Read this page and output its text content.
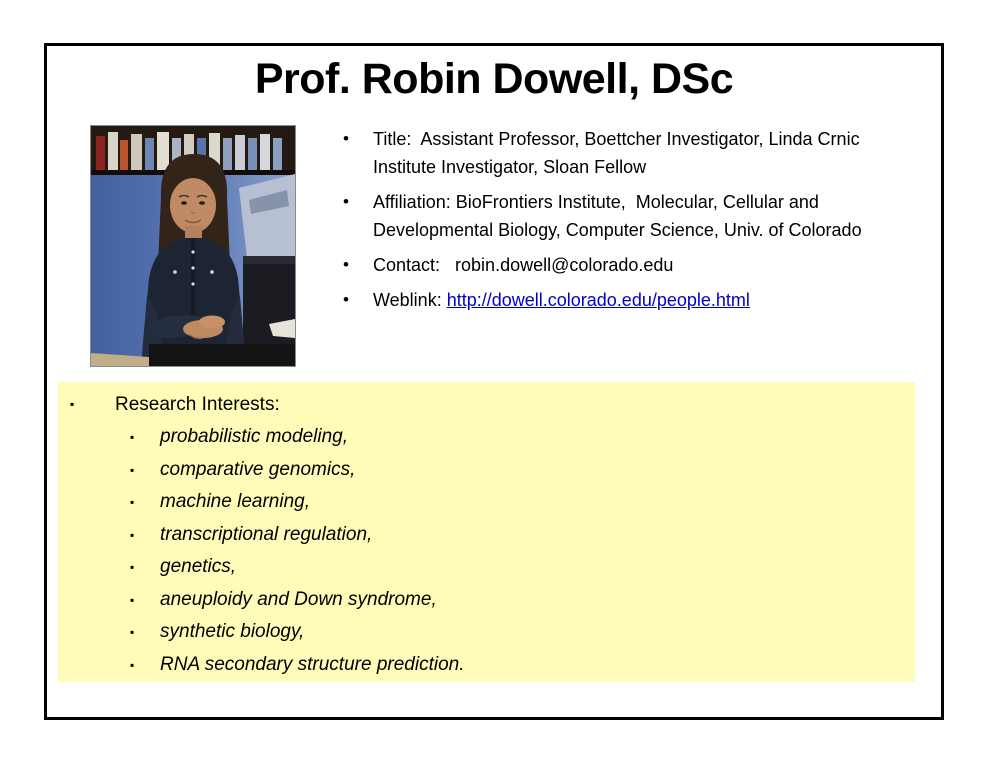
Prof. Robin Dowell, DSc
•	Title:  Assistant Professor, Boettcher Investigator, Linda Crnic Institute Investigator, Sloan Fellow
•	Affiliation: BioFrontiers Institute,  Molecular, Cellular and Developmental Biology, Computer Science, Univ. of Colorado
•	Contact:   robin.dowell@colorado.edu
•	Weblink: http://dowell.colorado.edu/people.html
▪	Research Interests:
▪	probabilistic modeling,
▪	comparative genomics,
▪	machine learning,
▪	transcriptional regulation,
▪	genetics,
▪	aneuploidy and Down syndrome,
▪	synthetic biology,
▪	RNA secondary structure prediction.
